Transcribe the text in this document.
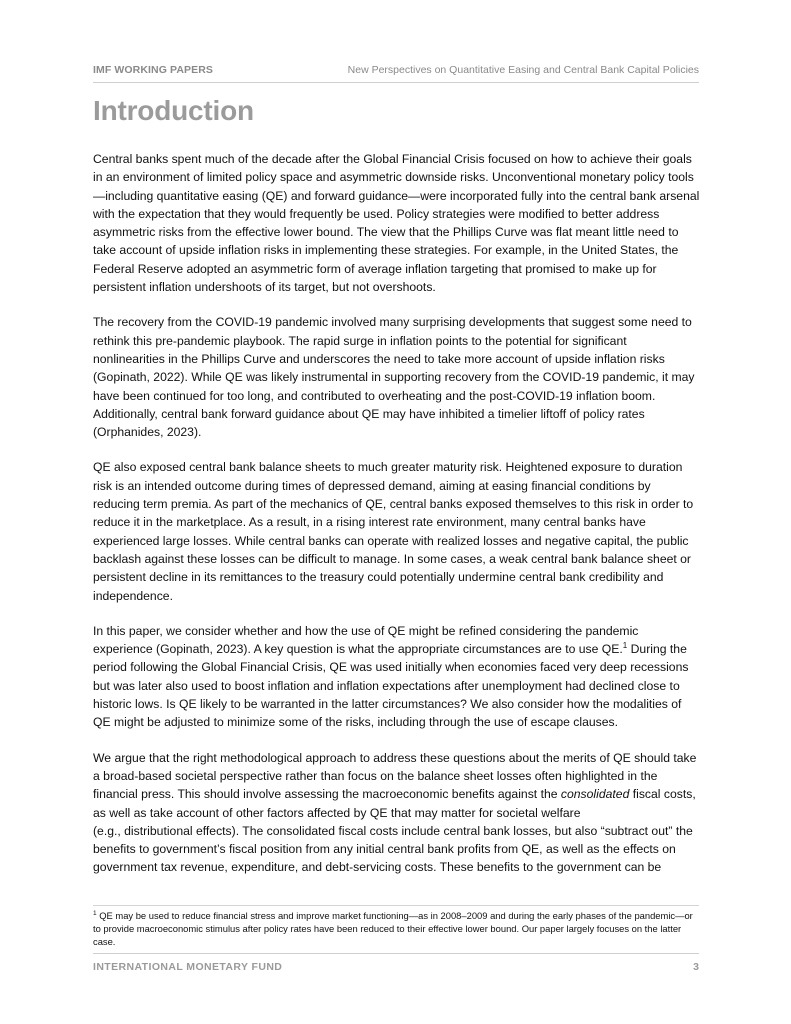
IMF WORKING PAPERS	New Perspectives on Quantitative Easing and Central Bank Capital Policies
Introduction

Central banks spent much of the decade after the Global Financial Crisis focused on how to achieve their goals in an environment of limited policy space and asymmetric downside risks. Unconventional monetary policy tools—including quantitative easing (QE) and forward guidance—were incorporated fully into the central bank arsenal with the expectation that they would frequently be used. Policy strategies were modified to better address asymmetric risks from the effective lower bound. The view that the Phillips Curve was flat meant little need to take account of upside inflation risks in implementing these strategies. For example, in the United States, the Federal Reserve adopted an asymmetric form of average inflation targeting that promised to make up for persistent inflation undershoots of its target, but not overshoots.

The recovery from the COVID-19 pandemic involved many surprising developments that suggest some need to rethink this pre-pandemic playbook. The rapid surge in inflation points to the potential for significant nonlinearities in the Phillips Curve and underscores the need to take more account of upside inflation risks (Gopinath, 2022). While QE was likely instrumental in supporting recovery from the COVID-19 pandemic, it may have been continued for too long, and contributed to overheating and the post-COVID-19 inflation boom. Additionally, central bank forward guidance about QE may have inhibited a timelier liftoff of policy rates (Orphanides, 2023).

QE also exposed central bank balance sheets to much greater maturity risk. Heightened exposure to duration risk is an intended outcome during times of depressed demand, aiming at easing financial conditions by reducing term premia. As part of the mechanics of QE, central banks exposed themselves to this risk in order to reduce it in the marketplace. As a result, in a rising interest rate environment, many central banks have experienced large losses. While central banks can operate with realized losses and negative capital, the public backlash against these losses can be difficult to manage. In some cases, a weak central bank balance sheet or persistent decline in its remittances to the treasury could potentially undermine central bank credibility and independence.

In this paper, we consider whether and how the use of QE might be refined considering the pandemic experience (Gopinath, 2023). A key question is what the appropriate circumstances are to use QE.$^1$ During the period following the Global Financial Crisis, QE was used initially when economies faced very deep recessions but was later also used to boost inflation and inflation expectations after unemployment had declined close to historic lows. Is QE likely to be warranted in the latter circumstances? We also consider how the modalities of QE might be adjusted to minimize some of the risks, including through the use of escape clauses.

We argue that the right methodological approach to address these questions about the merits of QE should take a broad-based societal perspective rather than focus on the balance sheet losses often highlighted in the financial press. This should involve assessing the macroeconomic benefits against the consolidated fiscal costs, as well as take account of other factors affected by QE that may matter for societal welfare
(e.g., distributional effects). The consolidated fiscal costs include central bank losses, but also “subtract out” the benefits to government’s fiscal position from any initial central bank profits from QE, as well as the effects on government tax revenue, expenditure, and debt-servicing costs. These benefits to the government can be

$^1$ QE may be used to reduce financial stress and improve market functioning—as in 2008–2009 and during the early phases of the pandemic—or to provide macroeconomic stimulus after policy rates have been reduced to their effective lower bound. Our paper largely focuses on the latter case.

INTERNATIONAL MONETARY FUND	3
